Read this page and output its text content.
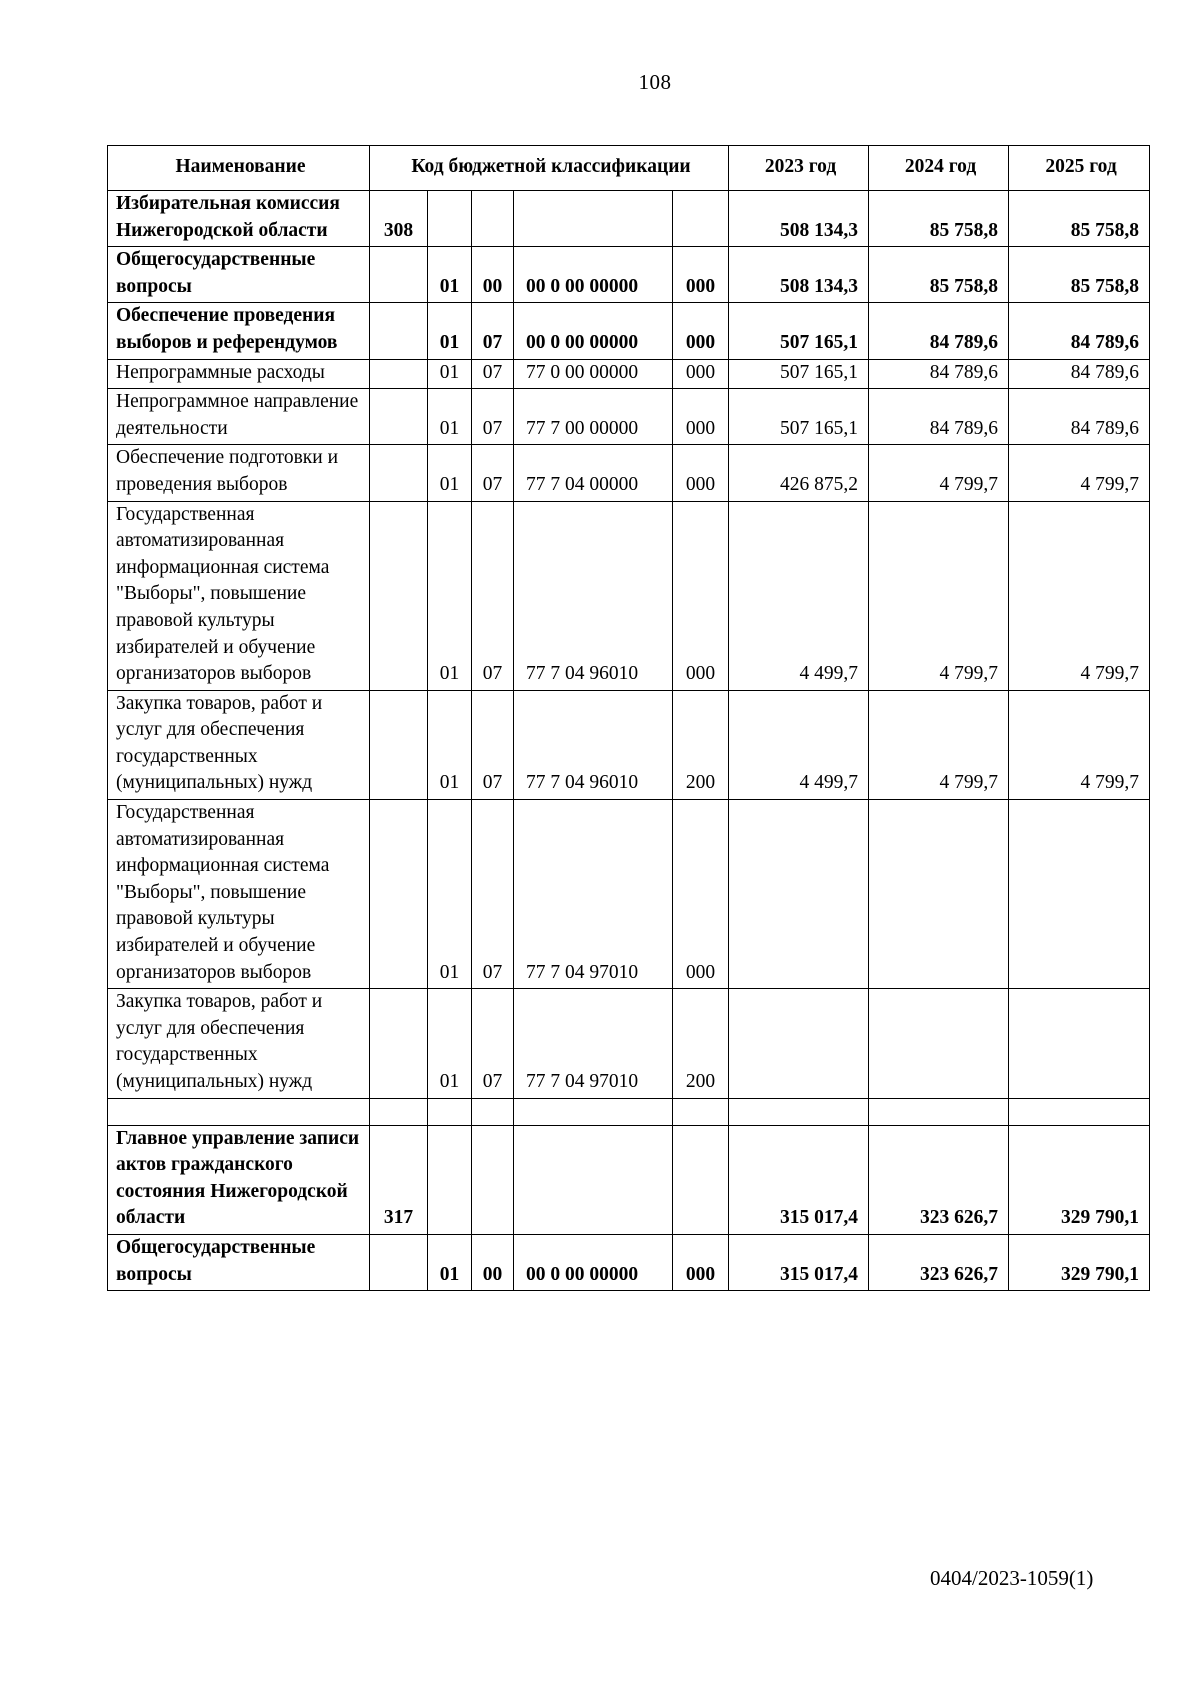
108
Наименование	Код бюджетной классификации					2023 год	2024 год	2025 год
Избирательная комиссия Нижегородской области	308					508 134,3	85 758,8	85 758,8
Общегосударственные вопросы		01	00	00 0 00 00000	000	508 134,3	85 758,8	85 758,8
Обеспечение проведения выборов и референдумов		01	07	00 0 00 00000	000	507 165,1	84 789,6	84 789,6
Непрограммные расходы		01	07	77 0 00 00000	000	507 165,1	84 789,6	84 789,6
Непрограммное направление деятельности		01	07	77 7 00 00000	000	507 165,1	84 789,6	84 789,6
Обеспечение подготовки и проведения выборов		01	07	77 7 04 00000	000	426 875,2	4 799,7	4 799,7
Государственная автоматизированная информационная система "Выборы", повышение правовой культуры избирателей и обучение организаторов выборов		01	07	77 7 04 96010	000	4 499,7	4 799,7	4 799,7
Закупка товаров, работ и услуг для обеспечения государственных (муниципальных) нужд		01	07	77 7 04 96010	200	4 499,7	4 799,7	4 799,7
Государственная автоматизированная информационная система "Выборы", повышение правовой культуры избирателей и обучение организаторов выборов		01	07	77 7 04 97010	000			
Закупка товаров, работ и услуг для обеспечения государственных (муниципальных) нужд		01	07	77 7 04 97010	200			

Главное управление записи актов гражданского состояния Нижегородской области	317					315 017,4	323 626,7	329 790,1
Общегосударственные вопросы		01	00	00 0 00 00000	000	315 017,4	323 626,7	329 790,1
0404/2023-1059(1)
